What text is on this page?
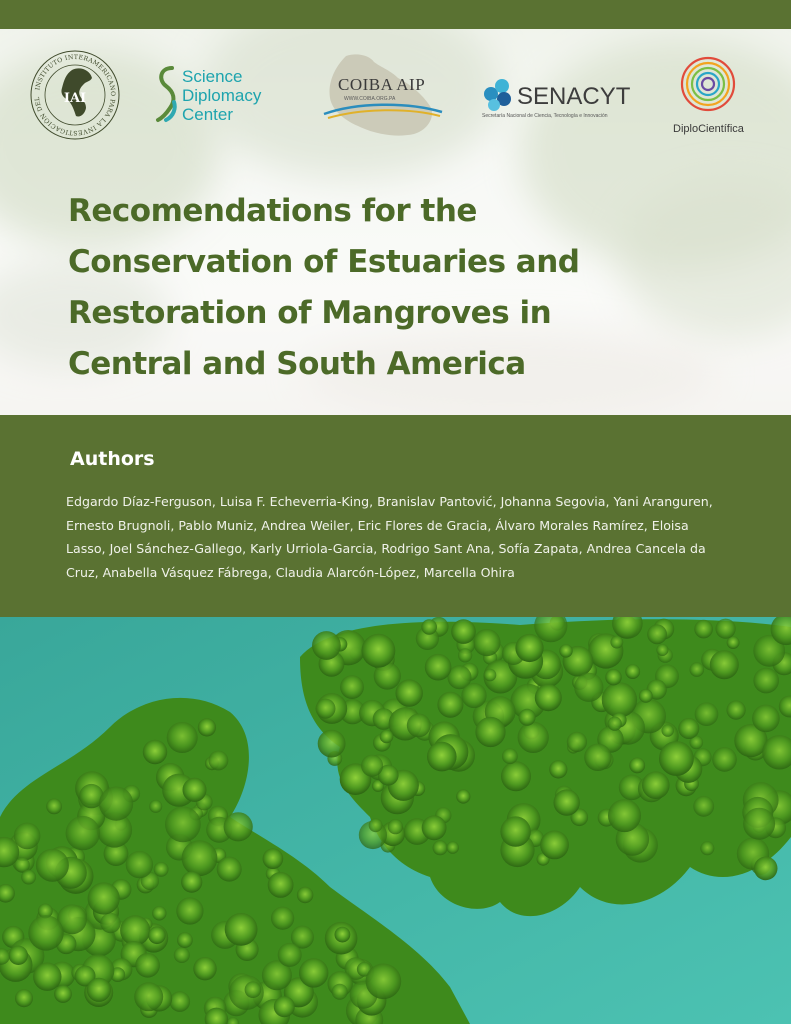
INSTITUTO INTERAMERICANO PARA LA INVESTIGACIÓN DEL	IAI
Science
Diplomacy
Center
COIBA AIP
WWW.COIBA.ORG.PA	SENACYT
Secretaría Nacional de Ciencia, Tecnología e Innovación
DiploCientífica
Recomendations for the
Conservation of Estuaries and
Restoration of Mangroves in
Central and South America
Authors

Edgardo Díaz-Ferguson, Luisa F. Echeverria-King, Branislav Pantović, Johanna Segovia, Yani Aranguren, Ernesto Brugnoli, Pablo Muniz, Andrea Weiler, Eric Flores de Gracia, Álvaro Morales Ramírez, Eloisa Lasso, Joel Sánchez-Gallego, Karly Urriola-Garcia, Rodrigo Sant Ana, Sofía Zapata, Andrea Cancela da Cruz, Anabella Vásquez Fábrega, Claudia Alarcón-López, Marcella Ohira
